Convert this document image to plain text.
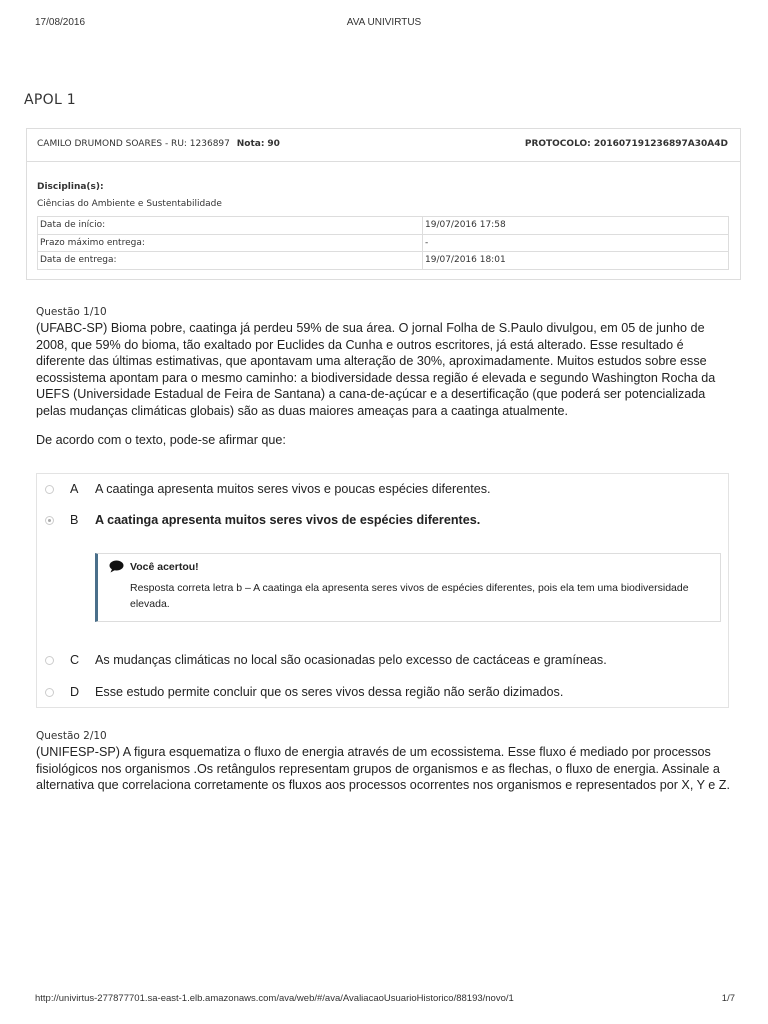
17/08/2016	AVA UNIVIRTUS
APOL 1
CAMILO DRUMOND SOARES - RU: 1236897 Nota: 90	PROTOCOLO: 201607191236897A30A4D
Disciplina(s):
Ciências do Ambiente e Sustentabilidade
Data de início:	19/07/2016 17:58
Prazo máximo entrega:	-
Data de entrega:	19/07/2016 18:01
Questão 1/10
(UFABC-SP) Bioma pobre, caatinga já perdeu 59% de sua área. O jornal Folha de S.Paulo divulgou, em 05 de junho de 2008, que 59% do bioma, tão exaltado por Euclides da Cunha e outros escritores, já está alterado. Esse resultado é diferente das últimas estimativas, que apontavam uma alteração de 30%, aproximadamente. Muitos estudos sobre esse ecossistema apontam para o mesmo caminho: a biodiversidade dessa região é elevada e segundo Washington Rocha da UEFS (Universidade Estadual de Feira de Santana) a cana-de-açúcar e a desertificação (que poderá ser potencializada pelas mudanças climáticas globais) são as duas maiores ameaças para a caatinga atualmente.
De acordo com o texto, pode-se afirmar que:
A A caatinga apresenta muitos seres vivos e poucas espécies diferentes.
B A caatinga apresenta muitos seres vivos de espécies diferentes.
Você acertou!
Resposta correta letra b – A caatinga ela apresenta seres vivos de espécies diferentes, pois ela tem uma biodiversidade elevada.
C As mudanças climáticas no local são ocasionadas pelo excesso de cactáceas e gramíneas.
D Esse estudo permite concluir que os seres vivos dessa região não serão dizimados.
Questão 2/10
(UNIFESP-SP) A figura esquematiza o fluxo de energia através de um ecossistema. Esse fluxo é mediado por processos fisiológicos nos organismos .Os retângulos representam grupos de organismos e as flechas, o fluxo de energia. Assinale a alternativa que correlaciona corretamente os fluxos aos processos ocorrentes nos organismos e representados por X, Y e Z.
http://univirtus-277877701.sa-east-1.elb.amazonaws.com/ava/web/#/ava/AvaliacaoUsuarioHistorico/88193/novo/1	1/7
